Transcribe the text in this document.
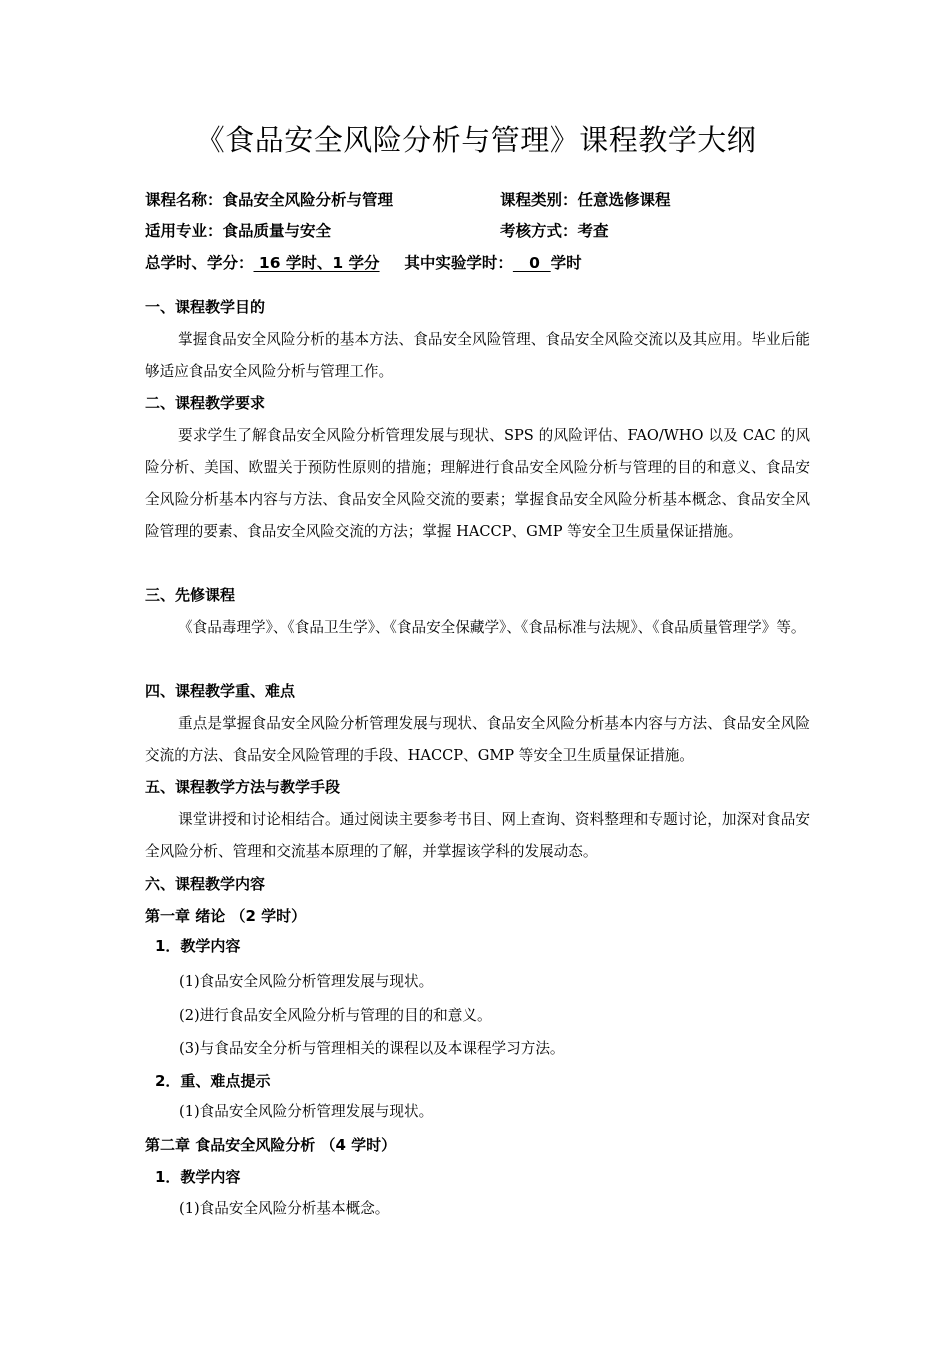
《食品安全风险分析与管理》课程教学大纲
课程名称：食品安全风险分析与管理	课程类别：任意选修课程
适用专业：食品质量与安全	考核方式：考查
总学时、学分： 16 学时、1 学分 其中实验学时：   0  学时
一、课程教学目的
掌握食品安全风险分析的基本方法、食品安全风险管理、食品安全风险交流以及其应用。毕业后能够适应食品安全风险分析与管理工作。
二、课程教学要求
要求学生了解食品安全风险分析管理发展与现状、SPS 的风险评估、FAO/WHO 以及 CAC 的风险分析、美国、欧盟关于预防性原则的措施；理解进行食品安全风险分析与管理的目的和意义、食品安全风险分析基本内容与方法、食品安全风险交流的要素；掌握食品安全风险分析基本概念、食品安全风险管理的要素、食品安全风险交流的方法；掌握 HACCP、GMP 等安全卫生质量保证措施。
三、先修课程
《食品毒理学》、《食品卫生学》、《食品安全保藏学》、《食品标准与法规》、《食品质量管理学》等。
四、课程教学重、难点
重点是掌握食品安全风险分析管理发展与现状、食品安全风险分析基本内容与方法、食品安全风险交流的方法、食品安全风险管理的手段、HACCP、GMP 等安全卫生质量保证措施。
五、课程教学方法与教学手段
课堂讲授和讨论相结合。通过阅读主要参考书目、网上查询、资料整理和专题讨论，加深对食品安全风险分析、管理和交流基本原理的了解，并掌握该学科的发展动态。
六、课程教学内容
第一章 绪论 （2 学时）
1．教学内容
(1)食品安全风险分析管理发展与现状。
(2)进行食品安全风险分析与管理的目的和意义。
(3)与食品安全分析与管理相关的课程以及本课程学习方法。
2．重、难点提示
(1)食品安全风险分析管理发展与现状。
第二章 食品安全风险分析 （4 学时）
1．教学内容
(1)食品安全风险分析基本概念。
